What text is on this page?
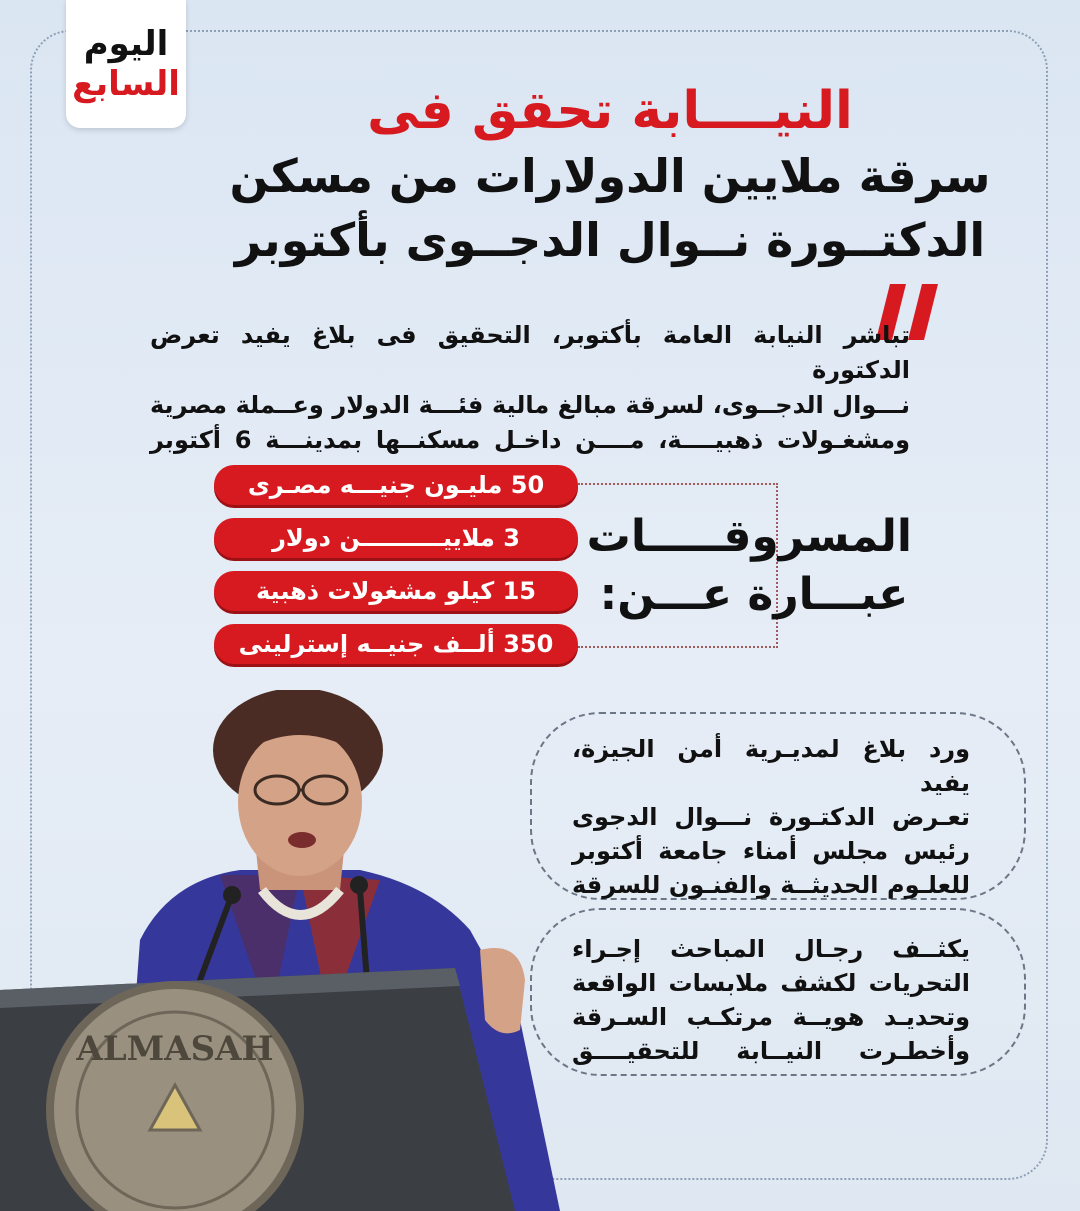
اليوم
السابع	النيــــابة تحقق فى
سرقة ملايين الدولارات من مسكن
الدكتــورة نــوال الدجــوى بأكتوبر

تباشر النيابة العامة بأكتوبر، التحقيق فى بلاغ يفيد تعرض الدكتورة

نـــوال الدجــوى، لسرقة مبالغ مالية فئـــة الدولار وعــملة مصرية

ومشغـولات ذهبيــــة، مــــن داخـل مسكنــها بمدينـــة 6 أكتوبر

50 مليـون جنيـــه مصـرى
3 ملاييــــــــــن دولار
15 كيلو مشغولات ذهبية
350 ألــف جنيــه إسترلينى
المسروقـــــات
عبـــارة عـــن:
ALMASAH

ورد بلاغ لمديـرية أمن الجيزة، يفيد

تعـرض الدكتـورة نـــوال الدجوى

رئيس مجلس أمناء جامعة أكتوبر

للعلـوم الحديثــة والفنـون للسرقة

يكثــف رجـال المباحث إجـراء

التحريات لكشف ملابسات الواقعة

وتحديـد هويــة مرتكـب السـرقة

وأخطـرت النيــابة للتحقيــــق
